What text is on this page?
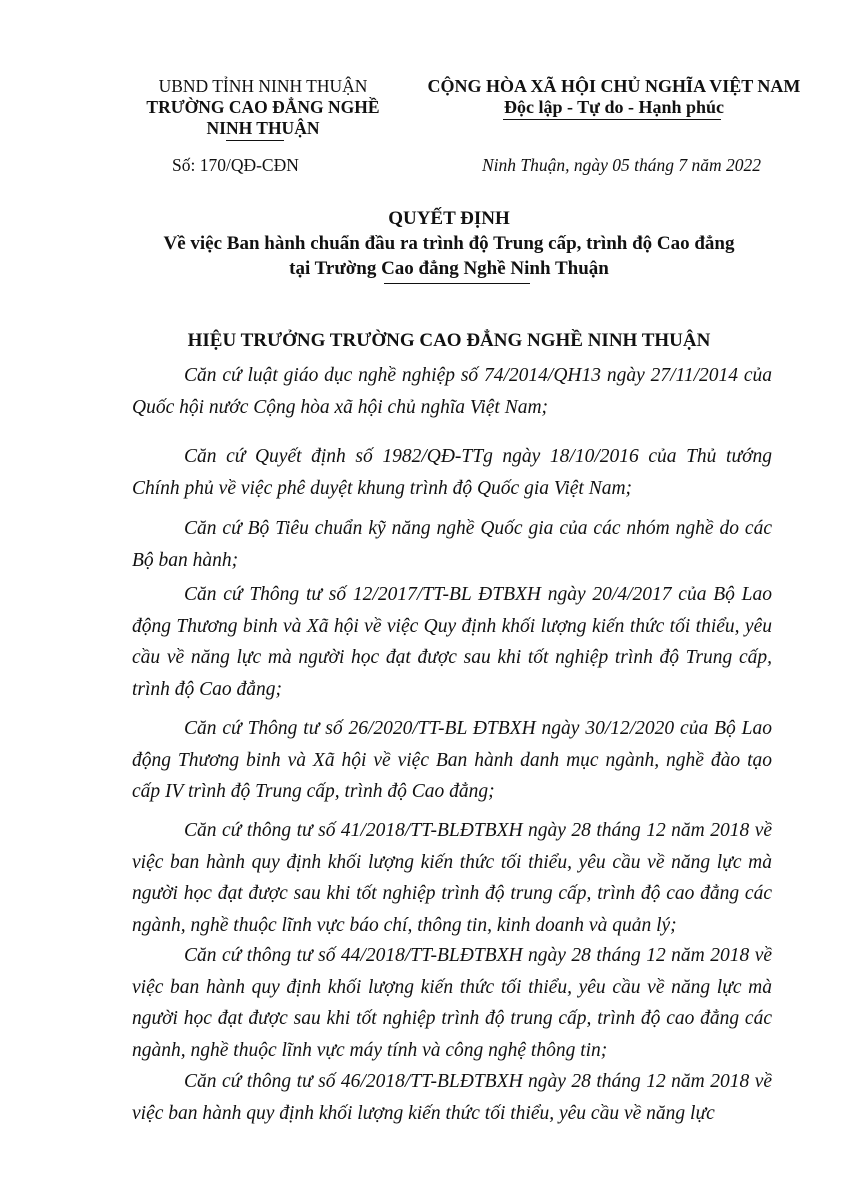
UBND TỈNH NINH THUẬN
TRƯỜNG CAO ĐẲNG NGHỀ
NINH THUẬN
CỘNG HÒA XÃ HỘI CHỦ NGHĨA VIỆT NAM
Độc lập - Tự do - Hạnh phúc
Số: 170/QĐ-CĐN	Ninh Thuận, ngày 05 tháng 7 năm 2022
QUYẾT ĐỊNH
Về việc Ban hành chuẩn đầu ra trình độ Trung cấp, trình độ Cao đẳng
tại Trường Cao đẳng Nghề Ninh Thuận
HIỆU TRƯỞNG TRƯỜNG CAO ĐẲNG NGHỀ NINH THUẬN

Căn cứ luật giáo dục nghề nghiệp số 74/2014/QH13 ngày 27/11/2014 của Quốc hội nước Cộng hòa xã hội chủ nghĩa Việt Nam;

Căn cứ Quyết định số 1982/QĐ-TTg ngày 18/10/2016 của Thủ tướng Chính phủ về việc phê duyệt khung trình độ Quốc gia Việt Nam;

Căn cứ Bộ Tiêu chuẩn kỹ năng nghề Quốc gia của các nhóm nghề do các Bộ ban hành;

Căn cứ Thông tư số 12/2017/TT-BL ĐTBXH ngày 20/4/2017 của Bộ Lao động Thương binh và Xã hội về việc Quy định khối lượng kiến thức tối thiểu, yêu cầu về năng lực mà người học đạt được sau khi tốt nghiệp trình độ Trung cấp, trình độ Cao đẳng;

Căn cứ Thông tư số 26/2020/TT-BL ĐTBXH ngày 30/12/2020 của Bộ Lao động Thương binh và Xã hội về việc Ban hành danh mục ngành, nghề đào tạo cấp IV trình độ Trung cấp, trình độ Cao đẳng;

Căn cứ thông tư số 41/2018/TT-BLĐTBXH ngày 28 tháng 12 năm 2018 về việc ban hành quy định khối lượng kiến thức tối thiểu, yêu cầu về năng lực mà người học đạt được sau khi tốt nghiệp trình độ trung cấp, trình độ cao đẳng các ngành, nghề thuộc lĩnh vực báo chí, thông tin, kinh doanh và quản lý;

Căn cứ thông tư số 44/2018/TT-BLĐTBXH ngày 28 tháng 12 năm 2018 về việc ban hành quy định khối lượng kiến thức tối thiểu, yêu cầu về năng lực mà người học đạt được sau khi tốt nghiệp trình độ trung cấp, trình độ cao đẳng các ngành, nghề thuộc lĩnh vực máy tính và công nghệ thông tin;

Căn cứ thông tư số 46/2018/TT-BLĐTBXH ngày 28 tháng 12 năm 2018 về việc ban hành quy định khối lượng kiến thức tối thiểu, yêu cầu về năng lực
